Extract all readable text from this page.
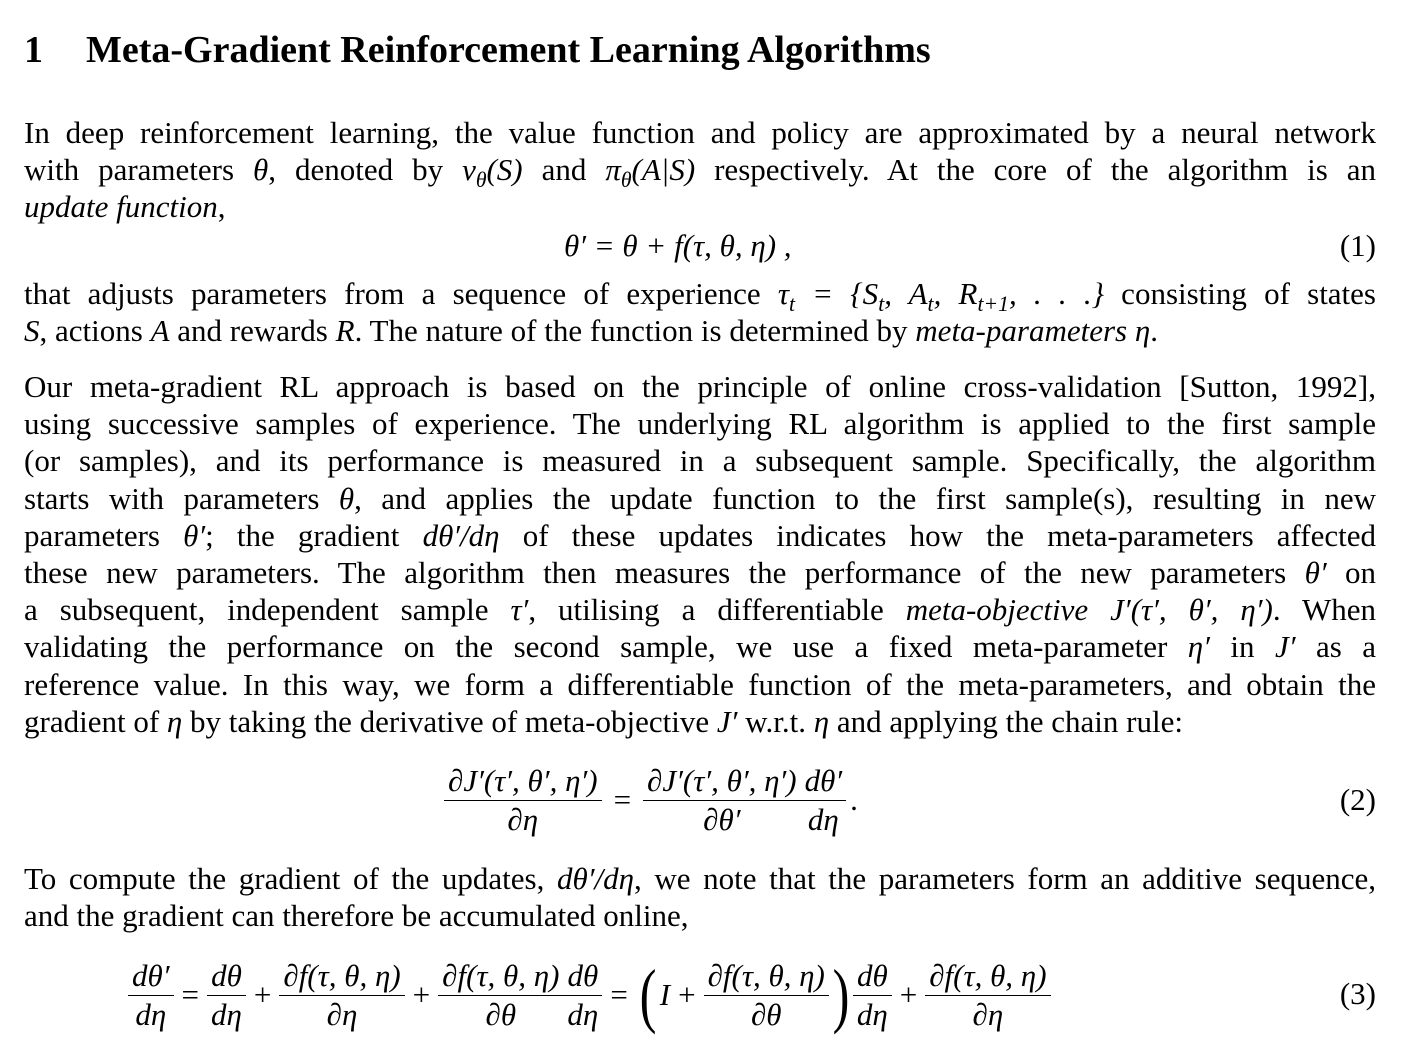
1 Meta-Gradient Reinforcement Learning Algorithms
In deep reinforcement learning, the value function and policy are approximated by a neural network
with parameters θ, denoted by $v_\theta(S)$ and $\pi_\theta(A|S)$ respectively. At the core of the algorithm is an
update function,
θ′ = θ + f(τ, θ, η) ,	(1)
that adjusts parameters from a sequence of experience $\tau_t = \{S_t$, $A_t$, $R_{t+1}$, . . .} consisting of states
S, actions A and rewards R. The nature of the function is determined by meta-parameters η.
Our meta-gradient RL approach is based on the principle of online cross-validation [Sutton, 1992],
using successive samples of experience. The underlying RL algorithm is applied to the first sample
(or samples), and its performance is measured in a subsequent sample. Specifically, the algorithm
starts with parameters θ, and applies the update function to the first sample(s), resulting in new
parameters θ′; the gradient dθ′/dη of these updates indicates how the meta-parameters affected
these new parameters. The algorithm then measures the performance of the new parameters θ′ on
a subsequent, independent sample τ′, utilising a differentiable meta-objective J′(τ′, θ′, η′). When
validating the performance on the second sample, we use a fixed meta-parameter η′ in J′ as a
reference value. In this way, we form a differentiable function of the meta-parameters, and obtain the
gradient of η by taking the derivative of meta-objective J′ w.r.t. η and applying the chain rule:
$\frac{\partial J'(\tau', \theta', \eta')}{\partial\eta} = \frac{\partial J'(\tau', \theta', \eta')}{\partial\theta'} \frac{d\theta'}{d\eta}$ .	(2)
To compute the gradient of the updates, dθ′/dη, we note that the parameters form an additive sequence,
and the gradient can therefore be accumulated online,
$\frac{d\theta'}{d\eta} = \frac{d\theta}{d\eta} + \frac{\partial f(\tau, \theta, \eta)}{\partial\eta} + \frac{\partial f(\tau, \theta, \eta)}{\partial\theta} \frac{d\theta}{d\eta}$ = ( $I + \frac{\partial f(\tau, \theta, \eta)}{\partial\theta}$ ) $\frac{d\theta}{d\eta} + \frac{\partial f(\tau, \theta, \eta)}{\partial\eta}$	(3)
